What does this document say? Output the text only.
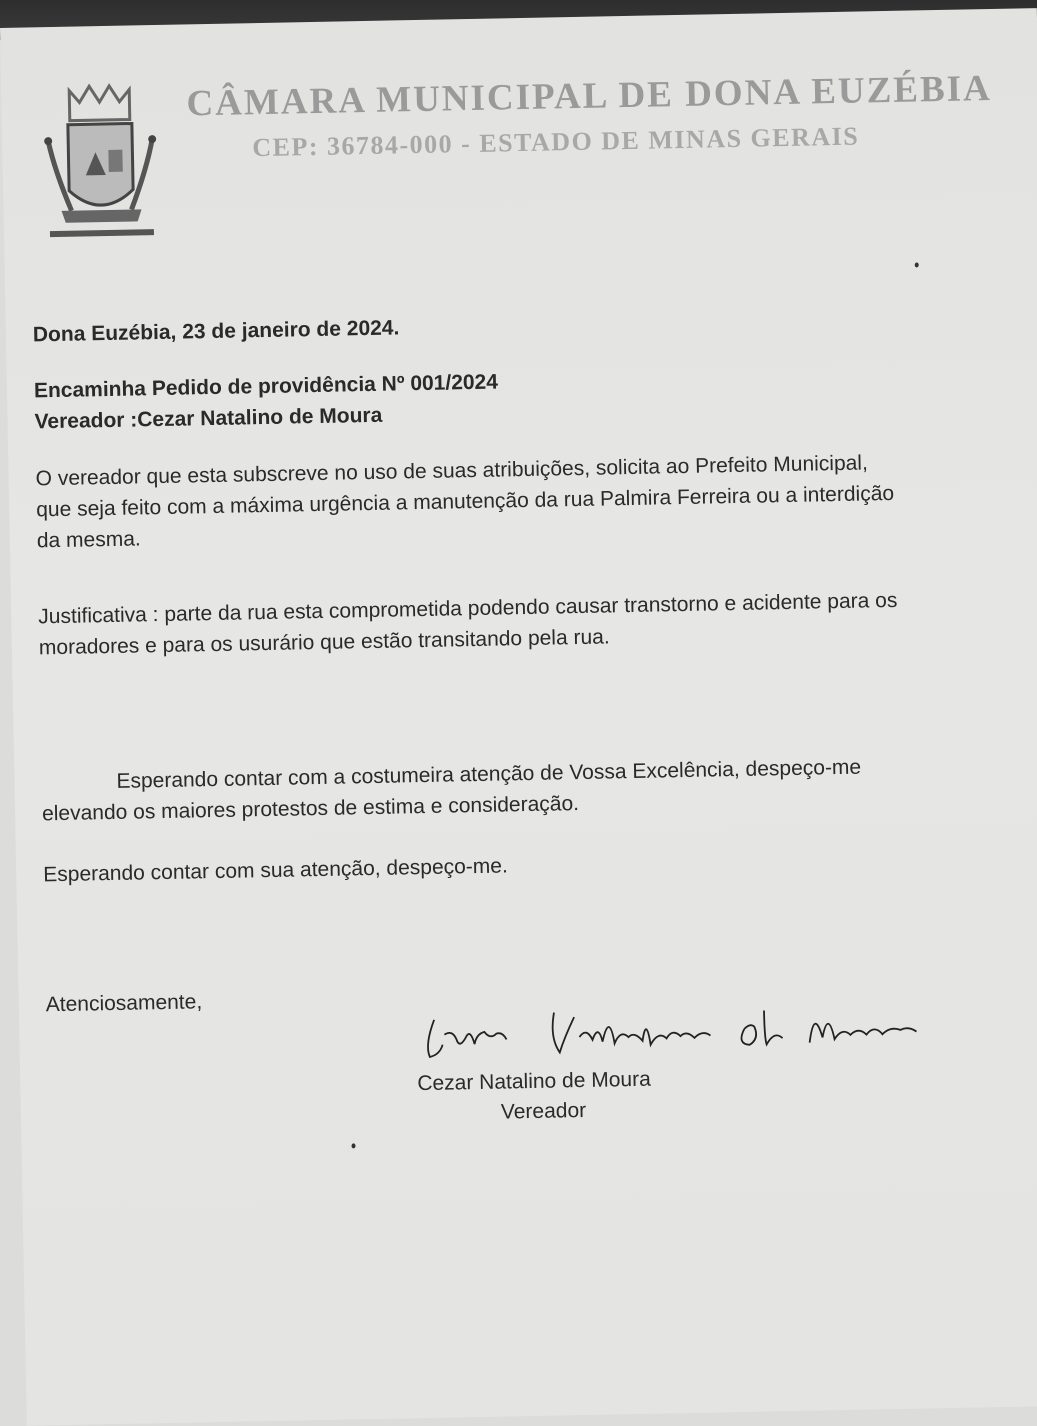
CÂMARA MUNICIPAL DE DONA EUZÉBIA
CEP: 36784-000 - ESTADO DE MINAS GERAIS
Dona Euzébia, 23 de janeiro de 2024.
Encaminha Pedido de providência Nº 001/2024
Vereador :Cezar Natalino de Moura
O vereador que esta subscreve no uso de suas atribuições, solicita ao Prefeito Municipal,
que seja feito com a máxima urgência a manutenção da rua Palmira Ferreira ou a interdição
da mesma.
Justificativa : parte da rua esta comprometida podendo causar transtorno e acidente para os
moradores e para os usurário que estão transitando pela rua.
Esperando contar com a costumeira atenção de Vossa Excelência, despeço-me
elevando os maiores protestos de estima e consideração.
Esperando contar com sua atenção, despeço-me.
Atenciosamente,
Cezar Natalino de Moura
Vereador
